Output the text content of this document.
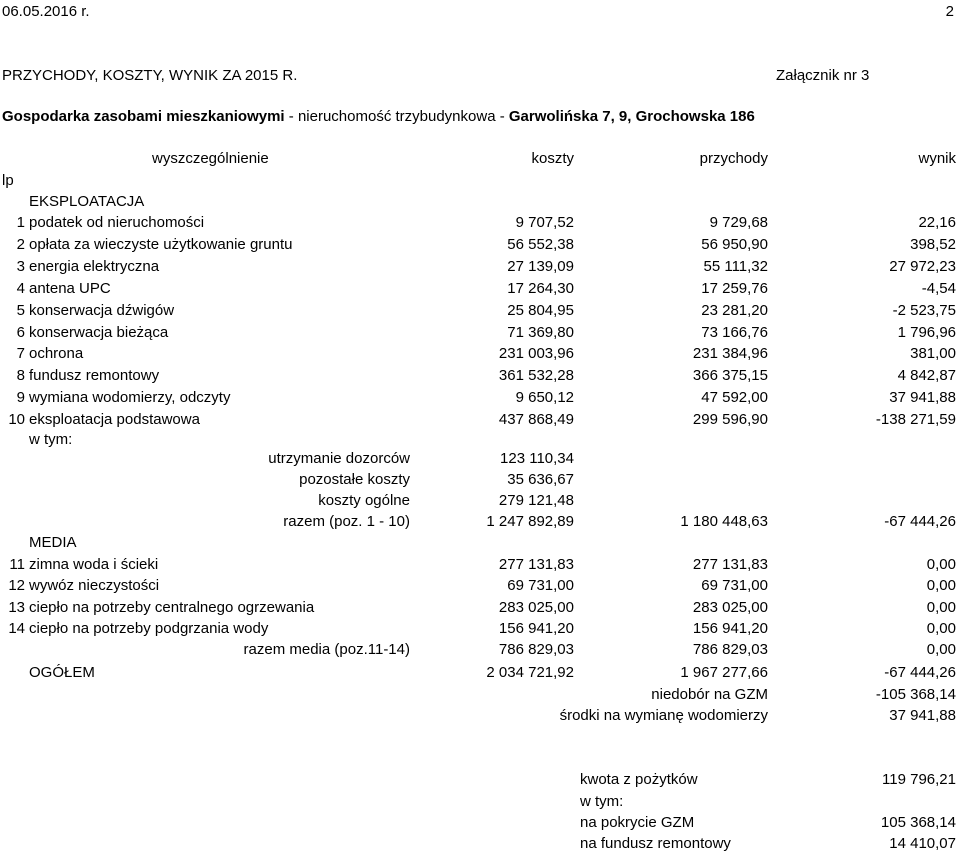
06.05.2016 r.	2
PRZYCHODY, KOSZTY, WYNIK ZA 2015 R.	Załącznik nr 3
Gospodarka zasobami mieszkaniowymi - nieruchomość trzybudynkowa - Garwolińska 7, 9, Grochowska 186
wyszczególnienie	koszty	przychody	wynik
lp
EKSPLOATACJA
1 podatek od nieruchomości	9 707,52	9 729,68	22,16
2 opłata za wieczyste użytkowanie gruntu	56 552,38	56 950,90	398,52
3 energia elektryczna	27 139,09	55 111,32	27 972,23
4 antena UPC	17 264,30	17 259,76	-4,54
5 konserwacja dźwigów	25 804,95	23 281,20	-2 523,75
6 konserwacja bieżąca	71 369,80	73 166,76	1 796,96
7 ochrona	231 003,96	231 384,96	381,00
8 fundusz remontowy	361 532,28	366 375,15	4 842,87
9 wymiana wodomierzy, odczyty	9 650,12	47 592,00	37 941,88
10 eksploatacja podstawowa	437 868,49	299 596,90	-138 271,59
w tym:
utrzymanie dozorców	123 110,34
pozostałe koszty	35 636,67
koszty ogólne	279 121,48
razem (poz. 1 - 10)	1 247 892,89	1 180 448,63	-67 444,26
MEDIA
11 zimna woda i ścieki	277 131,83	277 131,83	0,00
12 wywóz nieczystości	69 731,00	69 731,00	0,00
13 ciepło na potrzeby centralnego ogrzewania	283 025,00	283 025,00	0,00
14 ciepło na potrzeby podgrzania wody	156 941,20	156 941,20	0,00
razem media (poz.11-14)	786 829,03	786 829,03	0,00
OGÓŁEM	2 034 721,92	1 967 277,66	-67 444,26
niedobór na GZM	-105 368,14
środki na wymianę wodomierzy	37 941,88
kwota z pożytków	119 796,21
w tym:
na pokrycie GZM	105 368,14
na fundusz remontowy	14 410,07
